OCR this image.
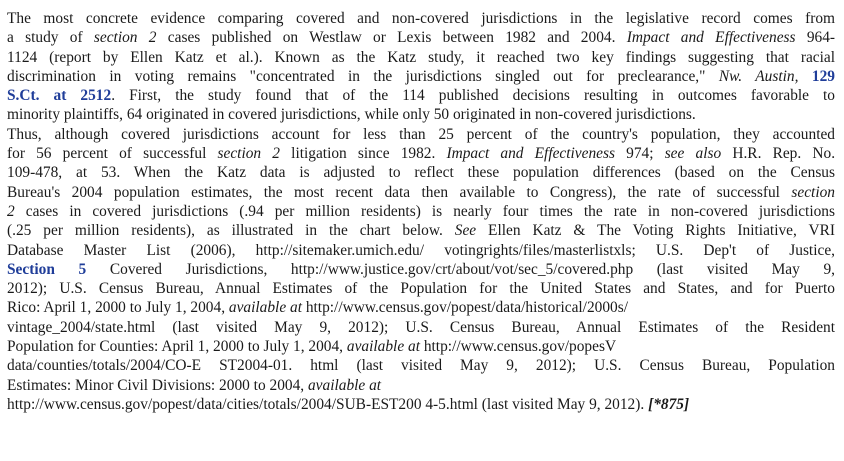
The most concrete evidence comparing covered and non-covered jurisdictions in the legislative record comes from
a study of section 2 cases published on Westlaw or Lexis between 1982 and 2004. Impact and Effectiveness 964-
1124 (report by Ellen Katz et al.). Known as the Katz study, it reached two key findings suggesting that racial
discrimination in voting remains "concentrated in the jurisdictions singled out for preclearance," Nw. Austin, 129
S.Ct. at 2512. First, the study found that of the 114 published decisions resulting in outcomes favorable to
minority plaintiffs, 64 originated in covered jurisdictions, while only 50 originated in non-covered jurisdictions.
Thus, although covered jurisdictions account for less than 25 percent of the country's population, they accounted
for 56 percent of successful section 2 litigation since 1982. Impact and Effectiveness 974; see also H.R. Rep. No.
109-478, at 53. When the Katz data is adjusted to reflect these population differences (based on the Census
Bureau's 2004 population estimates, the most recent data then available to Congress), the rate of successful section
2 cases in covered jurisdictions (.94 per million residents) is nearly four times the rate in non-covered jurisdictions
(.25 per million residents), as illustrated in the chart below. See Ellen Katz & The Voting Rights Initiative, VRI
Database Master List (2006), http://sitemaker.umich.edu/ votingrights/files/masterlistxls; U.S. Dep't of Justice,
Section 5 Covered Jurisdictions, http://www.justice.gov/crt/about/vot/sec_5/covered.php (last visited May 9,
2012); U.S. Census Bureau, Annual Estimates of the Population for the United States and States, and for Puerto
Rico: April 1, 2000 to July 1, 2004, available at http://www.census.gov/popest/data/historical/2000s/
vintage_2004/state.html (last visited May 9, 2012); U.S. Census Bureau, Annual Estimates of the Resident
Population for Counties: April 1, 2000 to July 1, 2004, available at http://www.census.gov/popesV
data/counties/totals/2004/CO-E ST2004-01. html (last visited May 9, 2012); U.S. Census Bureau, Population
Estimates: Minor Civil Divisions: 2000 to 2004, available at
http://www.census.gov/popest/data/cities/totals/2004/SUB-EST200 4-5.html (last visited May 9, 2012). [*875]
